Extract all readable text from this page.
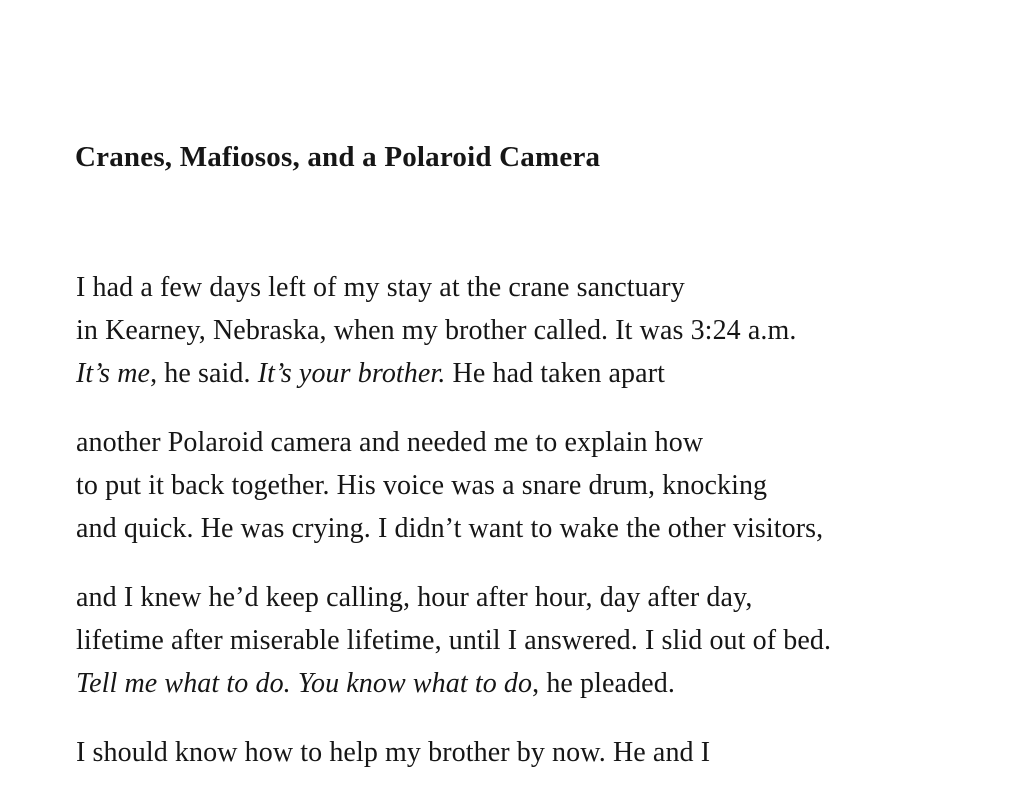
Cranes, Mafiosos, and a Polaroid Camera
I had a few days left of my stay at the crane sanctuary
in Kearney, Nebraska, when my brother called. It was 3:24 a.m.
It’s me, he said. It’s your brother. He had taken apart
another Polaroid camera and needed me to explain how
to put it back together. His voice was a snare drum, knocking
and quick. He was crying. I didn’t want to wake the other visitors,
and I knew he’d keep calling, hour after hour, day after day,
lifetime after miserable lifetime, until I answered. I slid out of bed.
Tell me what to do. You know what to do, he pleaded.
I should know how to help my brother by now. He and I
